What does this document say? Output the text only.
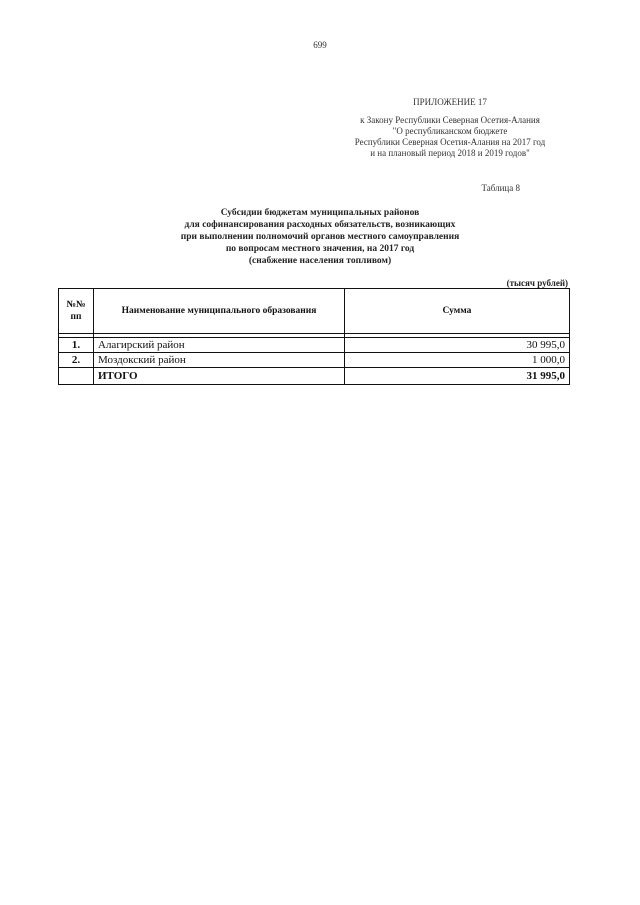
699
ПРИЛОЖЕНИЕ 17
к Закону Республики Северная Осетия-Алания
"О республиканском бюджете
Республики Северная Осетия-Алания на 2017 год
и на плановый период 2018 и 2019 годов"
Таблица 8
Субсидии бюджетам муниципальных районов
для софинансирования расходных обязательств, возникающих
при выполнении полномочий органов местного самоуправления
по вопросам местного значения, на 2017 год
(снабжение населения топливом)
(тысяч рублей)
№№
пп	Наименование муниципального образования	Сумма

1.	Алагирский район	30 995,0
2.	Моздокский район	1 000,0
	ИТОГО	31 995,0
